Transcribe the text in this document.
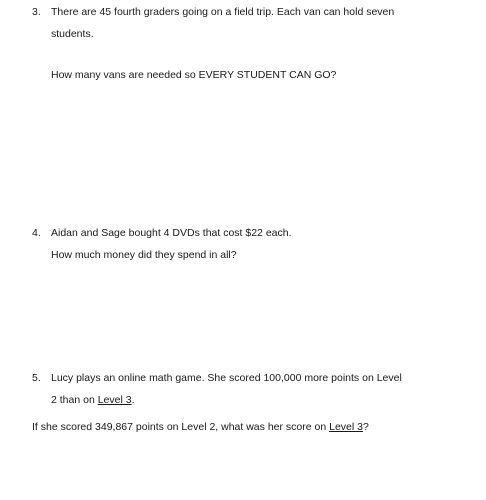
3. There are 45 fourth graders going on a field trip. Each van can hold seven
students.
How many vans are needed so EVERY STUDENT CAN GO?
4. Aidan and Sage bought 4 DVDs that cost $22 each.
How much money did they spend in all?
5. Lucy plays an online math game. She scored 100,000 more points on Level
2 than on Level 3.
If she scored 349,867 points on Level 2, what was her score on Level 3?
